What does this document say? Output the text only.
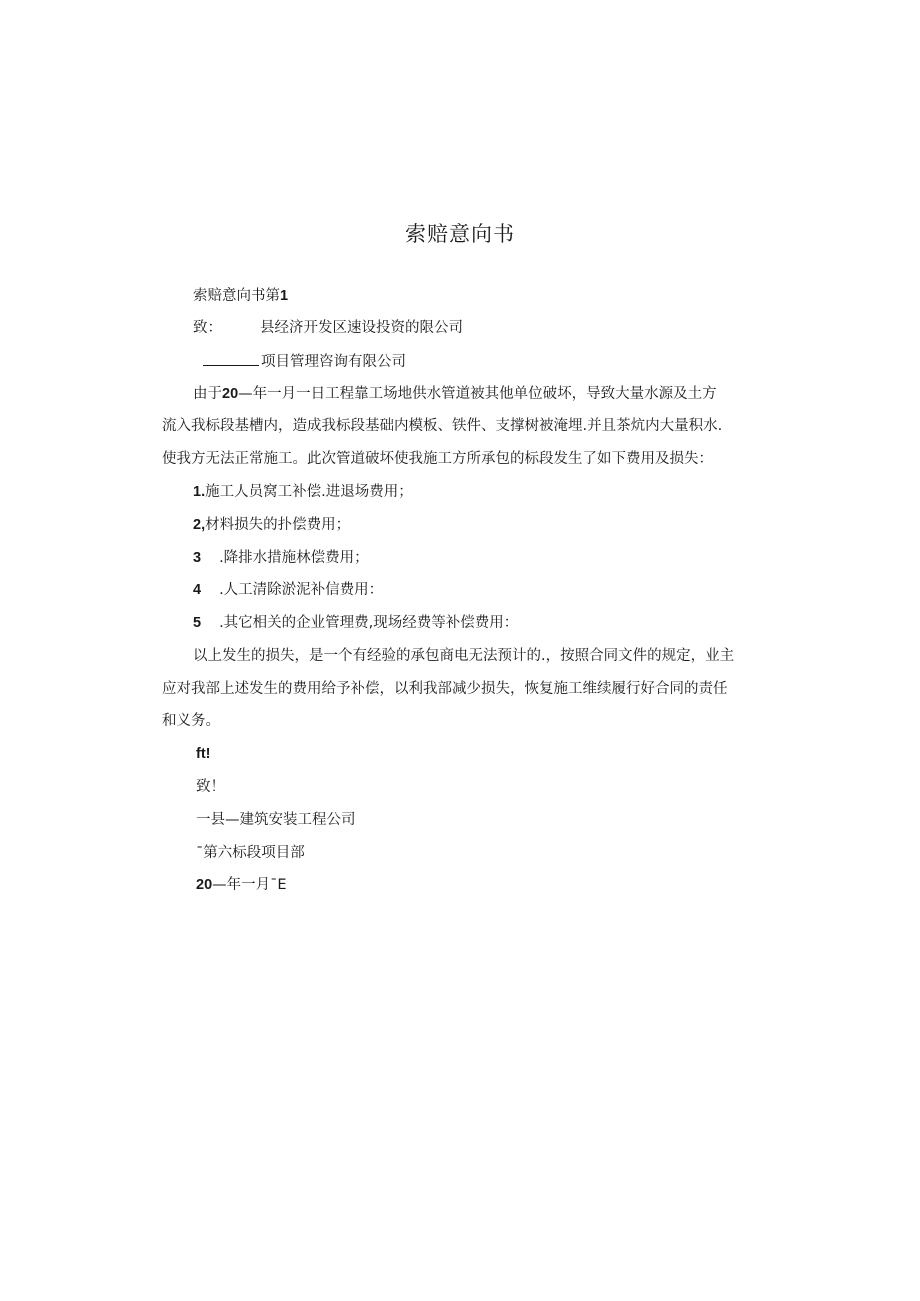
索赔意向书
索赔意向书第1
致：	县经济开发区速设投资的限公司
项目管理咨询有限公司
由于20—年一月一日工程靠工场地供水管道被其他单位破坏，导致大量水源及土方
流入我标段基槽内，造成我标段基础内模板、铁件、支撑树被淹埋.并且茶炕内大量积水.
使我方无法正常施工。此次管道破坏使我施工方所承包的标段发生了如下费用及损失：
1.施工人员窝工补偿.进退场费用；
2,材料损失的扑偿费用；
3 .降排水措施林偿费用；
4 .人工清除淤泥补信费用：
5 .其它相关的企业管理费,现场经费等补偿费用：
以上发生的损失，是一个有经验的承包商电无法预计的.，按照合同文件的规定，业主
应对我部上述发生的费用给予补偿，以利我部减少损失，恢复施工维续履行好合同的责任
和义务。
ft!
致！
一县—建筑安装工程公司
¯第六标段项目部
20—年一月¯E
